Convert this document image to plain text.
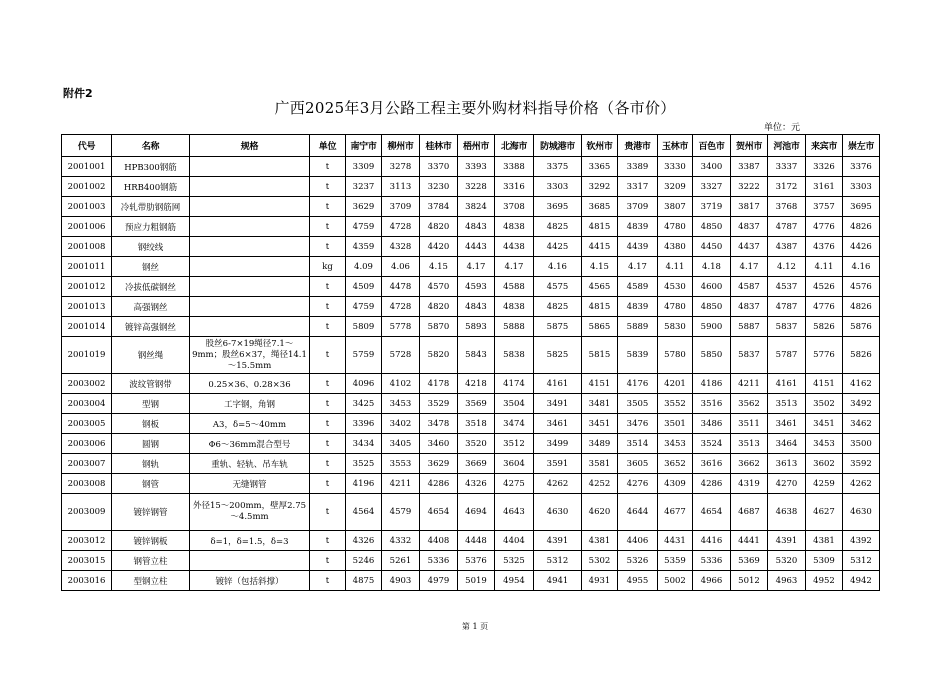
附件2
广西2025年3月公路工程主要外购材料指导价格（各市价）
单位：元
代号	名称	规格	单位	南宁市	柳州市	桂林市	梧州市	北海市	防城港市	钦州市	贵港市	玉林市	百色市	贺州市	河池市	来宾市	崇左市
2001001	HPB300钢筋		t	3309	3278	3370	3393	3388	3375	3365	3389	3330	3400	3387	3337	3326	3376
2001002	HRB400钢筋		t	3237	3113	3230	3228	3316	3303	3292	3317	3209	3327	3222	3172	3161	3303
2001003	冷轧带肋钢筋网		t	3629	3709	3784	3824	3708	3695	3685	3709	3807	3719	3817	3768	3757	3695
2001006	预应力粗钢筋		t	4759	4728	4820	4843	4838	4825	4815	4839	4780	4850	4837	4787	4776	4826
2001008	钢绞线		t	4359	4328	4420	4443	4438	4425	4415	4439	4380	4450	4437	4387	4376	4426
2001011	钢丝		kg	4.09	4.06	4.15	4.17	4.17	4.16	4.15	4.17	4.11	4.18	4.17	4.12	4.11	4.16
2001012	冷拔低碳钢丝		t	4509	4478	4570	4593	4588	4575	4565	4589	4530	4600	4587	4537	4526	4576
2001013	高强钢丝		t	4759	4728	4820	4843	4838	4825	4815	4839	4780	4850	4837	4787	4776	4826
2001014	镀锌高强钢丝		t	5809	5778	5870	5893	5888	5875	5865	5889	5830	5900	5887	5837	5826	5876
2001019	钢丝绳	股丝6-7×19绳径7.1～9mm；股丝6×37，绳径14.1～15.5mm	t	5759	5728	5820	5843	5838	5825	5815	5839	5780	5850	5837	5787	5776	5826
2003002	波纹管钢带	0.25×36、0.28×36	t	4096	4102	4178	4218	4174	4161	4151	4176	4201	4186	4211	4161	4151	4162
2003004	型钢	工字钢，角钢	t	3425	3453	3529	3569	3504	3491	3481	3505	3552	3516	3562	3513	3502	3492
2003005	钢板	A3，δ=5～40mm	t	3396	3402	3478	3518	3474	3461	3451	3476	3501	3486	3511	3461	3451	3462
2003006	圆钢	Φ6～36mm混合型号	t	3434	3405	3460	3520	3512	3499	3489	3514	3453	3524	3513	3464	3453	3500
2003007	钢轨	重轨、轻轨、吊车轨	t	3525	3553	3629	3669	3604	3591	3581	3605	3652	3616	3662	3613	3602	3592
2003008	钢管	无缝钢管	t	4196	4211	4286	4326	4275	4262	4252	4276	4309	4286	4319	4270	4259	4262
2003009	镀锌钢管	外径15～200mm，壁厚2.75～4.5mm	t	4564	4579	4654	4694	4643	4630	4620	4644	4677	4654	4687	4638	4627	4630
2003012	镀锌钢板	δ=1，δ=1.5，δ=3	t	4326	4332	4408	4448	4404	4391	4381	4406	4431	4416	4441	4391	4381	4392
2003015	钢管立柱		t	5246	5261	5336	5376	5325	5312	5302	5326	5359	5336	5369	5320	5309	5312
2003016	型钢立柱	镀锌（包括斜撑）	t	4875	4903	4979	5019	4954	4941	4931	4955	5002	4966	5012	4963	4952	4942
第 1 页
